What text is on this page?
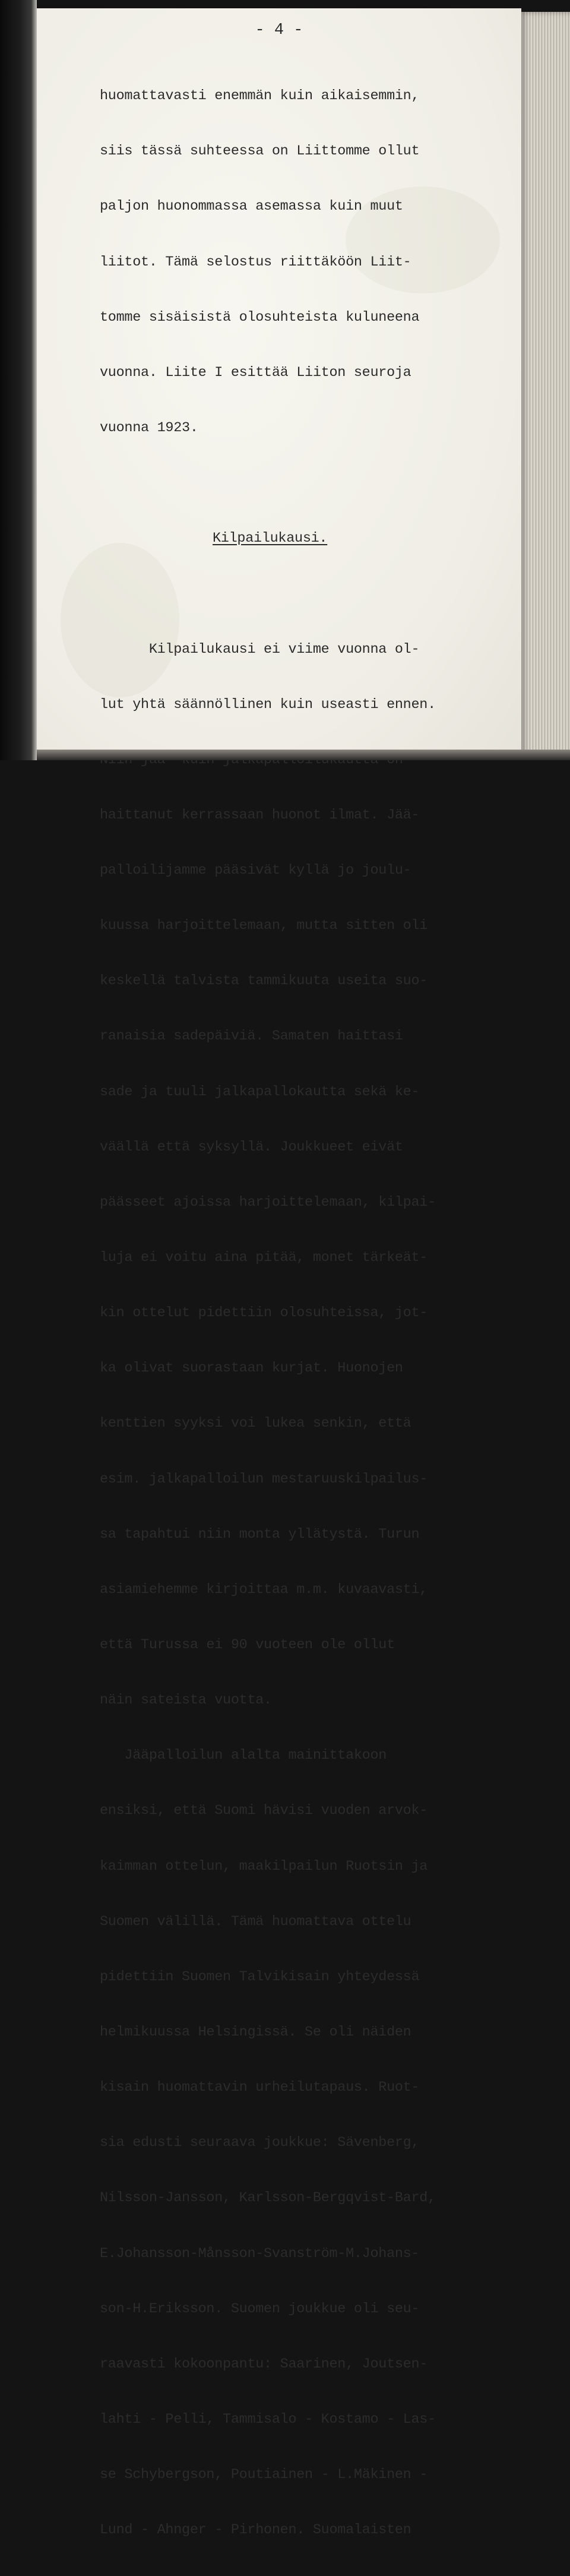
- 4 -

huomattavasti enemmän kuin aikaisemmin,

siis tässä suhteessa on Liittomme ollut

paljon huonommassa asemassa kuin muut

liitot. Tämä selostus riittäköön Liit-

tomme sisäisistä olosuhteista kuluneena

vuonna. Liite I esittää Liiton seuroja

vuonna 1923.

Kilpailukausi.

Kilpailukausi ei viime vuonna ol-

lut yhtä säännöllinen kuin useasti ennen.

haittanut kerrassaan huonot ilmat. Jää-

palloilijamme pääsivät kyllä jo joulu-

kuussa harjoittelemaan, mutta sitten oli

keskellä talvista tammikuuta useita suo-

ranaisia sadepäiviä. Samaten haittasi

sade ja tuuli jalkapallokautta sekä ke-

väällä että syksyllä. Joukkueet eivät

päässeet ajoissa harjoittelemaan, kilpai-

luja ei voitu aina pitää, monet tärkeät-

kin ottelut pidettiin olosuhteissa, jot-

ka olivat suorastaan kurjat. Huonojen

kenttien syyksi voi lukea senkin, että

esim. jalkapalloilun mestaruuskilpailus-

sa tapahtui niin monta yllätystä. Turun

asiamiehemme kirjoittaa m.m. kuvaavasti,

että Turussa ei 90 vuoteen ole ollut

näin sateista vuotta.

Jääpalloilun alalta mainittakoon

ensiksi, että Suomi hävisi vuoden arvok-

kaimman ottelun, maakilpailun Ruotsin ja

Suomen välillä. Tämä huomattava ottelu

pidettiin Suomen Talvikisain yhteydessä

helmikuussa Helsingissä. Se oli näiden

kisain huomattavin urheilutapaus. Ruot-

sia edusti seuraava joukkue: Sävenberg,

Nilsson-Jansson, Karlsson-Bergqvist-Bard,

E.Johansson-Månsson-Svanström-M.Johans-

son-H.Eriksson. Suomen joukkue oli seu-

raavasti kokoonpantu: Saarinen, Joutsen-

lahti - Pelli, Tammisalo - Kostamo - Las-

se Schybergson, Poutiainen - L.Mäkinen -

Lund - Ahnger - Pirhonen. Suomalaisten
